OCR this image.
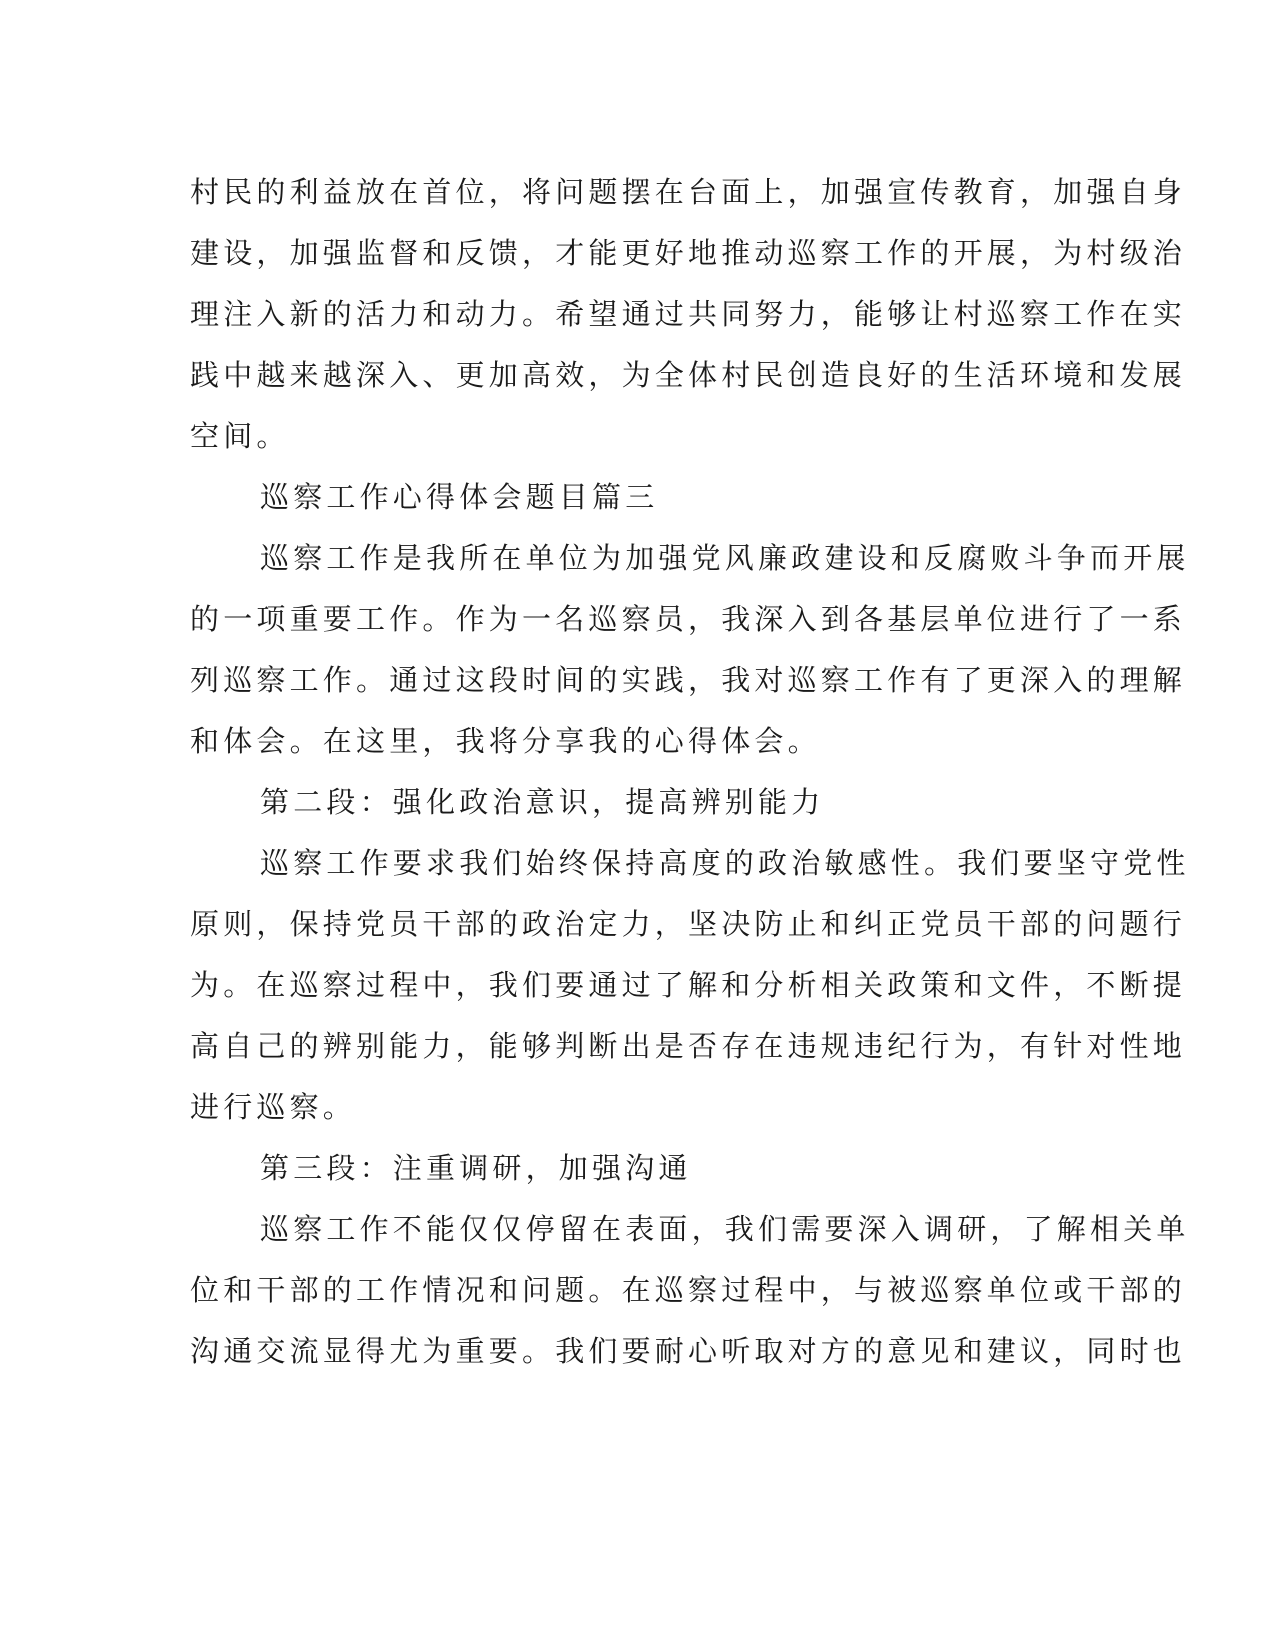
村民的利益放在首位，将问题摆在台面上，加强宣传教育，加强自身
建设，加强监督和反馈，才能更好地推动巡察工作的开展，为村级治
理注入新的活力和动力。希望通过共同努力，能够让村巡察工作在实
践中越来越深入、更加高效，为全体村民创造良好的生活环境和发展
空间。
巡察工作心得体会题目篇三
巡察工作是我所在单位为加强党风廉政建设和反腐败斗争而开展
的一项重要工作。作为一名巡察员，我深入到各基层单位进行了一系
列巡察工作。通过这段时间的实践，我对巡察工作有了更深入的理解
和体会。在这里，我将分享我的心得体会。
第二段：强化政治意识，提高辨别能力
巡察工作要求我们始终保持高度的政治敏感性。我们要坚守党性
原则，保持党员干部的政治定力，坚决防止和纠正党员干部的问题行
为。在巡察过程中，我们要通过了解和分析相关政策和文件，不断提
高自己的辨别能力，能够判断出是否存在违规违纪行为，有针对性地
进行巡察。
第三段：注重调研，加强沟通
巡察工作不能仅仅停留在表面，我们需要深入调研，了解相关单
位和干部的工作情况和问题。在巡察过程中，与被巡察单位或干部的
沟通交流显得尤为重要。我们要耐心听取对方的意见和建议，同时也
